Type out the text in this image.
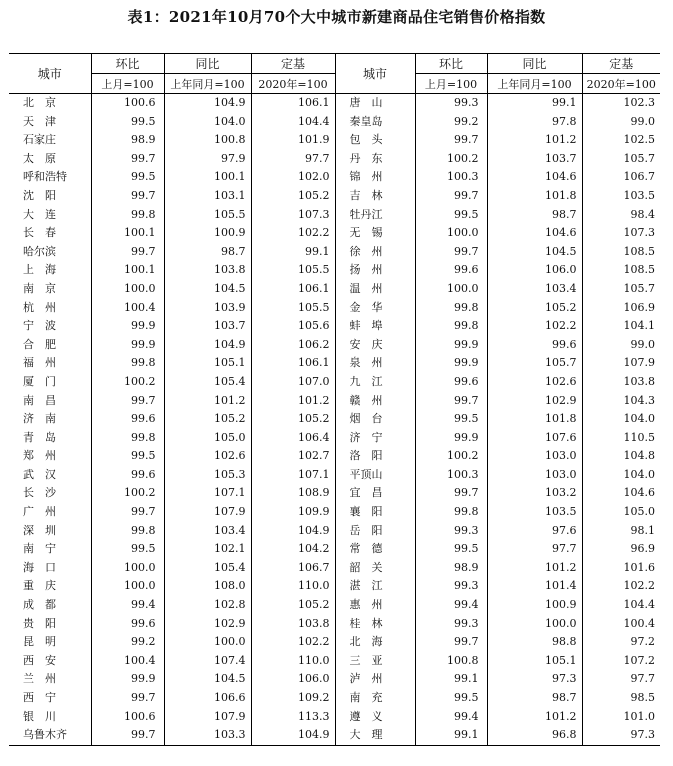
表1：2021年10月70个大中城市新建商品住宅销售价格指数
城市	环比	同比	定基	城市	环比	同比	定基
	上月=100	上年同月=100	2020年=100		上月=100	上年同月=100	2020年=100
北　京	100.6	104.9	106.1	唐　山	99.3	99.1	102.3
天　津	99.5	104.0	104.4	秦皇岛	99.2	97.8	99.0
石家庄	98.9	100.8	101.9	包　头	99.7	101.2	102.5
太　原	99.7	97.9	97.7	丹　东	100.2	103.7	105.7
呼和浩特	99.5	100.1	102.0	锦　州	100.3	104.6	106.7
沈　阳	99.7	103.1	105.2	吉　林	99.7	101.8	103.5
大　连	99.8	105.5	107.3	牡丹江	99.5	98.7	98.4
长　春	100.1	100.9	102.2	无　锡	100.0	104.6	107.3
哈尔滨	99.7	98.7	99.1	徐　州	99.7	104.5	108.5
上　海	100.1	103.8	105.5	扬　州	99.6	106.0	108.5
南　京	100.0	104.5	106.1	温　州	100.0	103.4	105.7
杭　州	100.4	103.9	105.5	金　华	99.8	105.2	106.9
宁　波	99.9	103.7	105.6	蚌　埠	99.8	102.2	104.1
合　肥	99.9	104.9	106.2	安　庆	99.9	99.6	99.0
福　州	99.8	105.1	106.1	泉　州	99.9	105.7	107.9
厦　门	100.2	105.4	107.0	九　江	99.6	102.6	103.8
南　昌	99.7	101.2	101.2	赣　州	99.7	102.9	104.3
济　南	99.6	105.2	105.2	烟　台	99.5	101.8	104.0
青　岛	99.8	105.0	106.4	济　宁	99.9	107.6	110.5
郑　州	99.5	102.6	102.7	洛　阳	100.2	103.0	104.8
武　汉	99.6	105.3	107.1	平顶山	100.3	103.0	104.0
长　沙	100.2	107.1	108.9	宜　昌	99.7	103.2	104.6
广　州	99.7	107.9	109.9	襄　阳	99.8	103.5	105.0
深　圳	99.8	103.4	104.9	岳　阳	99.3	97.6	98.1
南　宁	99.5	102.1	104.2	常　德	99.5	97.7	96.9
海　口	100.0	105.4	106.7	韶　关	98.9	101.2	101.6
重　庆	100.0	108.0	110.0	湛　江	99.3	101.4	102.2
成　都	99.4	102.8	105.2	惠　州	99.4	100.9	104.4
贵　阳	99.6	102.9	103.8	桂　林	99.3	100.0	100.4
昆　明	99.2	100.0	102.2	北　海	99.7	98.8	97.2
西　安	100.4	107.4	110.0	三　亚	100.8	105.1	107.2
兰　州	99.9	104.5	106.0	泸　州	99.1	97.3	97.7
西　宁	99.7	106.6	109.2	南　充	99.5	98.7	98.5
银　川	100.6	107.9	113.3	遵　义	99.4	101.2	101.0
乌鲁木齐	99.7	103.3	104.9	大　理	99.1	96.8	97.3
